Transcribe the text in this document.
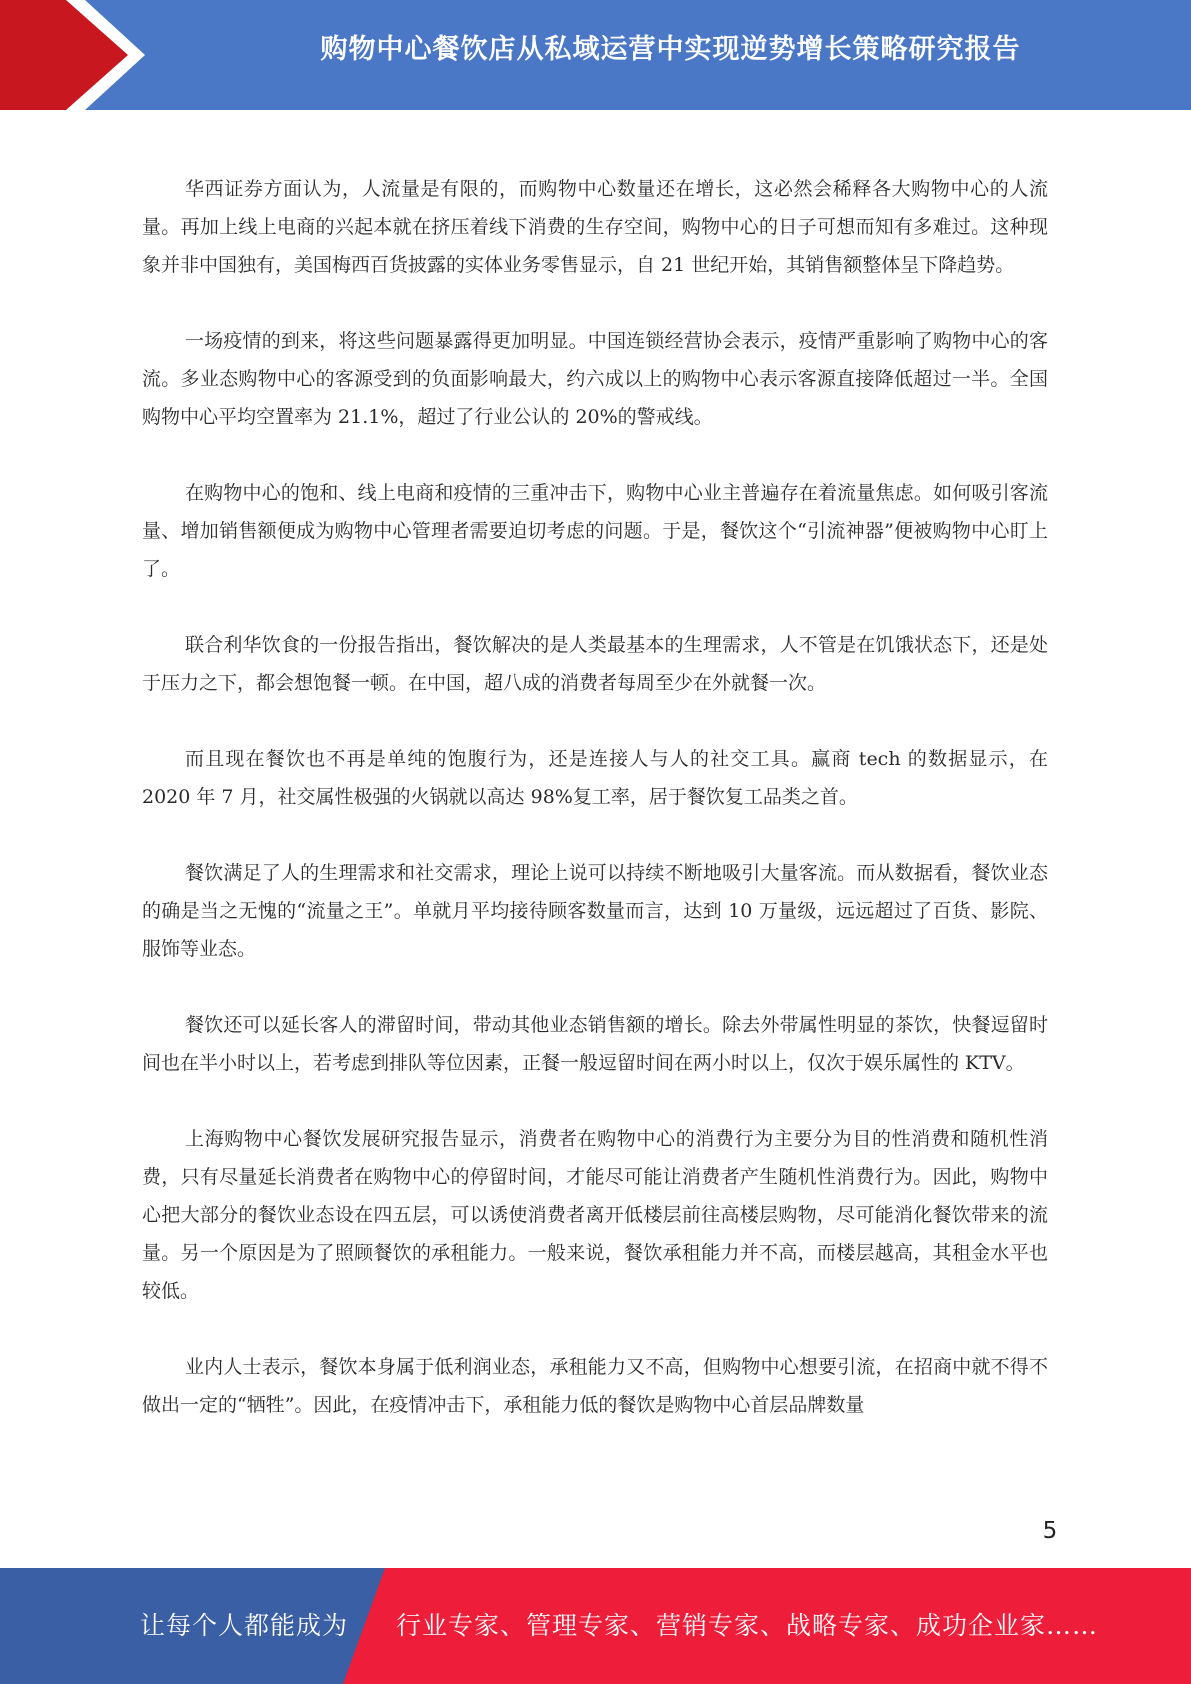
购物中心餐饮店从私域运营中实现逆势增长策略研究报告

华西证券方面认为，人流量是有限的，而购物中心数量还在增长，这必然会稀释各大购物中心的人流量。再加上线上电商的兴起本就在挤压着线下消费的生存空间，购物中心的日子可想而知有多难过。这种现象并非中国独有，美国梅西百货披露的实体业务零售显示，自 21 世纪开始，其销售额整体呈下降趋势。

一场疫情的到来，将这些问题暴露得更加明显。中国连锁经营协会表示，疫情严重影响了购物中心的客流。多业态购物中心的客源受到的负面影响最大，约六成以上的购物中心表示客源直接降低超过一半。全国购物中心平均空置率为 21.1%，超过了行业公认的 20%的警戒线。

在购物中心的饱和、线上电商和疫情的三重冲击下，购物中心业主普遍存在着流量焦虑。如何吸引客流量、增加销售额便成为购物中心管理者需要迫切考虑的问题。于是，餐饮这个“引流神器”便被购物中心盯上了。

联合利华饮食的一份报告指出，餐饮解决的是人类最基本的生理需求，人不管是在饥饿状态下，还是处于压力之下，都会想饱餐一顿。在中国，超八成的消费者每周至少在外就餐一次。

而且现在餐饮也不再是单纯的饱腹行为，还是连接人与人的社交工具。赢商 tech 的数据显示，在 2020 年 7 月，社交属性极强的火锅就以高达 98%复工率，居于餐饮复工品类之首。

餐饮满足了人的生理需求和社交需求，理论上说可以持续不断地吸引大量客流。而从数据看，餐饮业态的确是当之无愧的“流量之王”。单就月平均接待顾客数量而言，达到 10 万量级，远远超过了百货、影院、服饰等业态。

餐饮还可以延长客人的滞留时间，带动其他业态销售额的增长。除去外带属性明显的茶饮，快餐逗留时间也在半小时以上，若考虑到排队等位因素，正餐一般逗留时间在两小时以上，仅次于娱乐属性的 KTV。

上海购物中心餐饮发展研究报告显示，消费者在购物中心的消费行为主要分为目的性消费和随机性消费，只有尽量延长消费者在购物中心的停留时间，才能尽可能让消费者产生随机性消费行为。因此，购物中心把大部分的餐饮业态设在四五层，可以诱使消费者离开低楼层前往高楼层购物，尽可能消化餐饮带来的流量。另一个原因是为了照顾餐饮的承租能力。一般来说，餐饮承租能力并不高，而楼层越高，其租金水平也较低。

业内人士表示，餐饮本身属于低利润业态，承租能力又不高，但购物中心想要引流，在招商中就不得不做出一定的“牺牲”。因此，在疫情冲击下，承租能力低的餐饮是购物中心首层品牌数量

5
让每个人都能成为 行业专家、管理专家、营销专家、战略专家、成功企业家……
